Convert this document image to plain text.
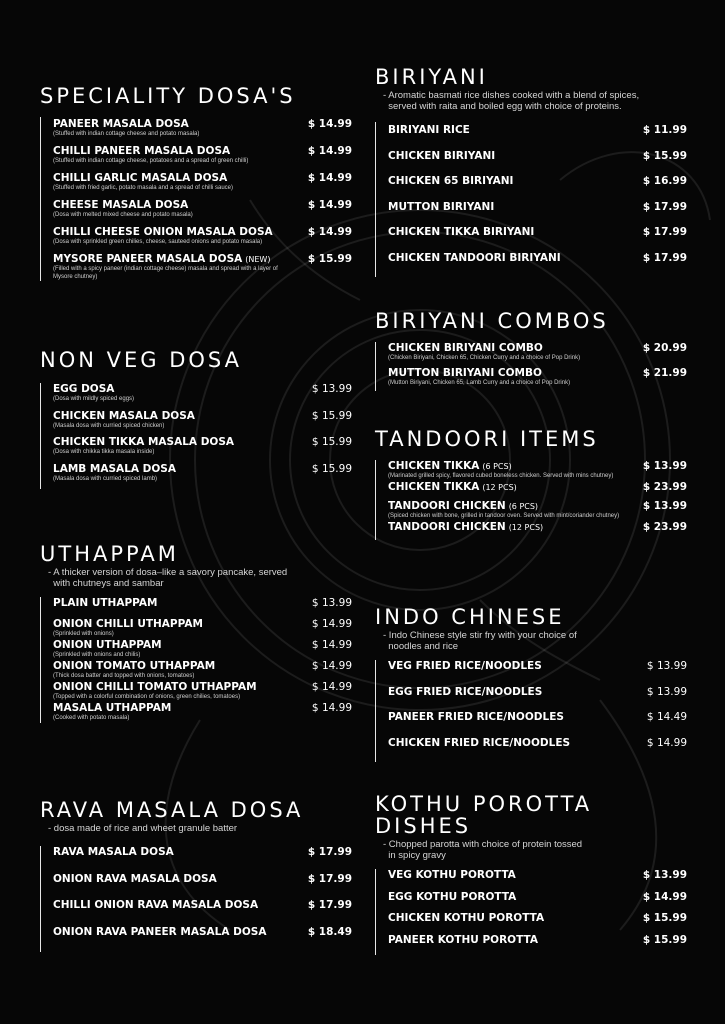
SPECIALITY DOSA'S
PANEER MASALA DOSA
(Stuffed with indian cottage cheese and potato masala)
$ 14.99
CHILLI PANEER MASALA DOSA
(Stuffed with indian cottage cheese, potatoes and a spread of green chilli)
$ 14.99
CHILLI GARLIC MASALA DOSA
(Stuffed with fried garlic, potato masala and a spread of chilli sauce)
$ 14.99
CHEESE MASALA DOSA
(Dosa with melted mixed cheese and potato masala)
$ 14.99
CHILLI CHEESE ONION MASALA DOSA
(Dosa with sprinkled green chilies, cheese, sauteed onions and potato masala)
$ 14.99
MYSORE PANEER MASALA DOSA (NEW)
(Filled with a spicy paneer (indian cottage cheese) masala and spread with a layer of Mysore chutney)
$ 15.99
NON VEG DOSA
EGG DOSA
(Dosa with mildly spiced eggs)
$ 13.99
CHICKEN MASALA DOSA
(Masala dosa with curried spiced chicken)
$ 15.99
CHICKEN TIKKA MASALA DOSA
(Dosa with chikka tikka masala inside)
$ 15.99
LAMB MASALA DOSA
(Masala dosa with curried spiced lamb)
$ 15.99
UTHAPPAM
- A thicker version of dosa–like a savory pancake, served
with chutneys and sambar
PLAIN UTHAPPAM	$ 13.99
ONION CHILLI UTHAPPAM
(Sprinkled with onions)
$ 14.99
ONION UTHAPPAM
(Sprinkled with onions and chilis)
$ 14.99
ONION TOMATO UTHAPPAM
(Thick dosa batter and topped with onions, tomatoes)
$ 14.99
ONION CHILLI TOMATO UTHAPPAM
(Topped with a colorful combination of onions, green chilies, tomatoes)
$ 14.99
MASALA UTHAPPAM
(Cooked with potato masala)
$ 14.99
RAVA MASALA DOSA
- dosa made of rice and wheet granule batter
RAVA MASALA DOSA	$ 17.99
ONION RAVA MASALA DOSA	$ 17.99
CHILLI ONION RAVA MASALA DOSA	$ 17.99
ONION RAVA PANEER MASALA DOSA	$ 18.49
BIRIYANI
- Aromatic basmati rice dishes cooked with a blend of spices,
served with raita and boiled egg with choice of proteins.
BIRIYANI RICE	$ 11.99
CHICKEN BIRIYANI	$ 15.99
CHICKEN 65 BIRIYANI	$ 16.99
MUTTON BIRIYANI	$ 17.99
CHICKEN TIKKA BIRIYANI	$ 17.99
CHICKEN TANDOORI BIRIYANI	$ 17.99
BIRIYANI COMBOS
CHICKEN BIRIYANI COMBO
(Chicken Biriyani, Chicken 65, Chicken Curry and a choice of Pop Drink)
$ 20.99
MUTTON BIRIYANI COMBO
(Mutton Biriyani, Chicken 65, Lamb Curry and a choice of Pop Drink)
$ 21.99
TANDOORI ITEMS
CHICKEN TIKKA (6 PCS)
(Marinated grilled spicy, flavored cubed boneless chicken. Served with mins chutney)
$ 13.99
CHICKEN TIKKA (12 PCS)	$ 23.99
TANDOORI CHICKEN (6 PCS)
(Spiced chicken with bone, grilled in tandoor oven. Served with mint/coriander chutney)
$ 13.99
TANDOORI CHICKEN (12 PCS)	$ 23.99
INDO CHINESE
- Indo Chinese style stir fry with your choice of
noodles and rice
VEG FRIED RICE/NOODLES	$ 13.99
EGG FRIED RICE/NOODLES	$ 13.99
PANEER FRIED RICE/NOODLES	$ 14.49
CHICKEN FRIED RICE/NOODLES	$ 14.99
KOTHU POROTTA
DISHES
- Chopped parotta with choice of protein tossed
in spicy gravy
VEG KOTHU POROTTA	$ 13.99
EGG KOTHU POROTTA	$ 14.99
CHICKEN KOTHU POROTTA	$ 15.99
PANEER KOTHU POROTTA	$ 15.99
